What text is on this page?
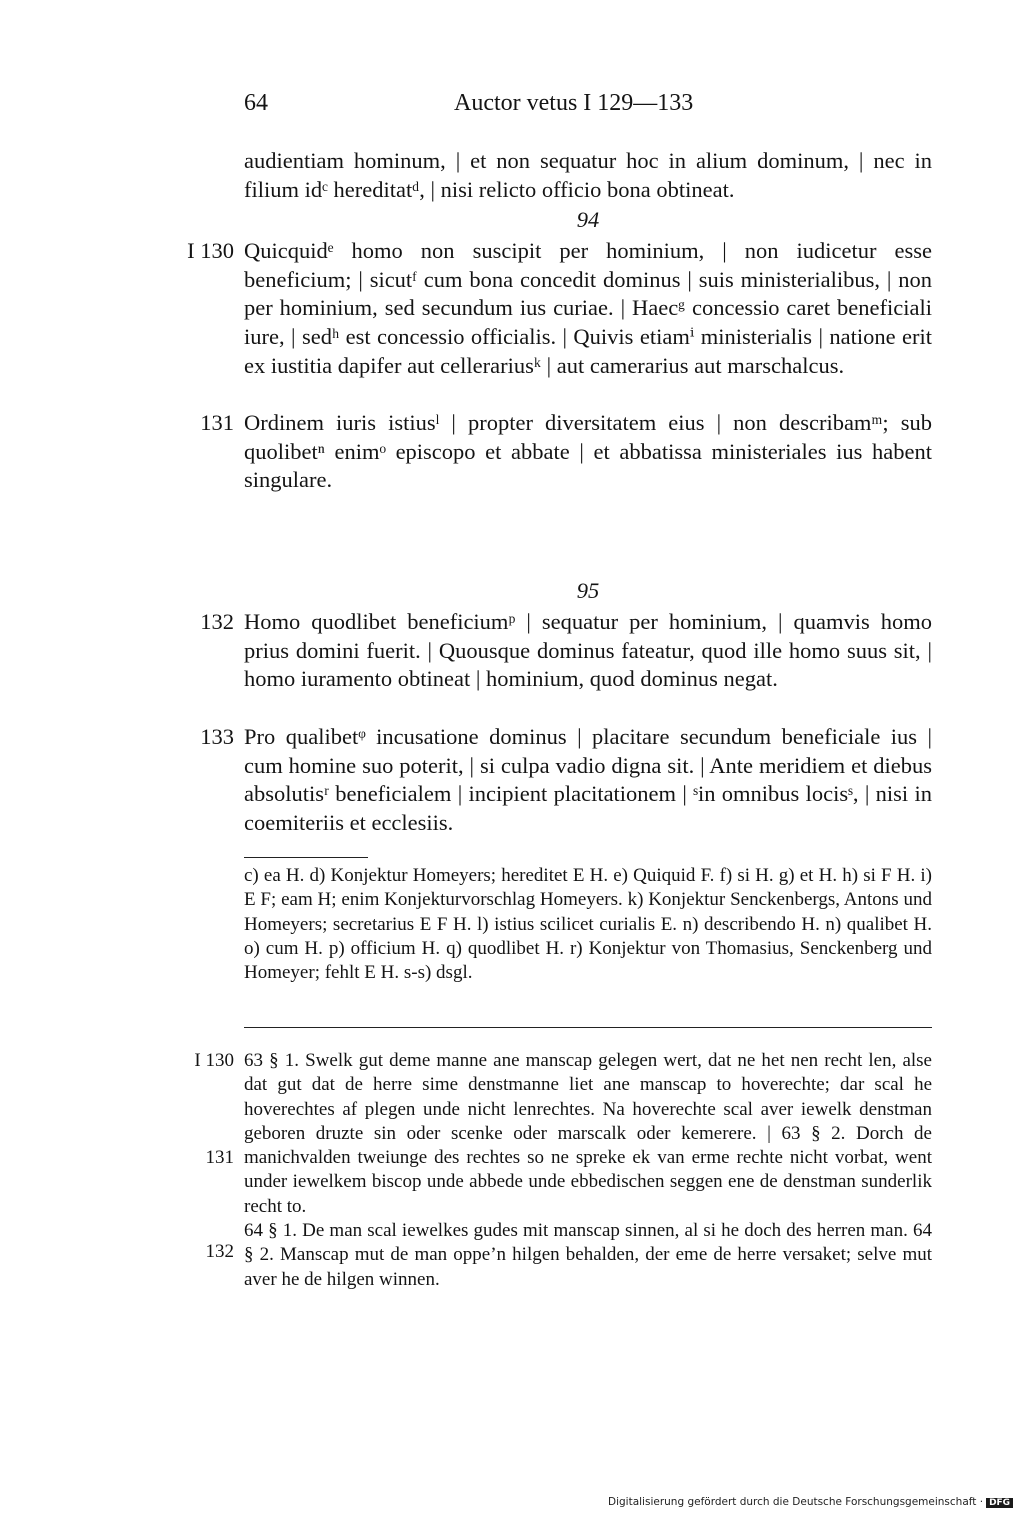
64	Auctor vetus I 129—133

audientiam hominum, | et non sequatur hoc in alium dominum, | nec in filium idᶜ hereditatᵈ, | nisi relicto officio bona obtineat.

94
I 130 Quicquidᵉ homo non suscipit per hominium, | non iudicetur esse beneficium; | sicutᶠ cum bona concedit dominus | suis ministerialibus, | non per hominium, sed secundum ius curiae. | Haecᵍ concessio caret beneficiali iure, | sedʰ est concessio officialis. | Quivis etiamⁱ ministerialis | natione erit ex iustitia dapifer aut cellerariusᵏ | aut camerarius aut marschalcus.

131 Ordinem iuris istiusˡ | propter diversitatem eius | non describamᵐ; sub quolibetⁿ enimᵒ episcopo et abbate | et abbatissa ministeriales ius habent singulare.

95
132 Homo quodlibet beneficiumᵖ | sequatur per hominium, | quamvis homo prius domini fuerit. | Quousque dominus fateatur, quod ille homo suus sit, | homo iuramento obtineat | hominium, quod dominus negat.

133 Pro qualibetᵠ incusatione dominus | placitare secundum beneficiale ius | cum homine suo poterit, | si culpa vadio digna sit. | Ante meridiem et diebus absolutisʳ beneficialem | incipient placitationem | ˢin omnibus locisˢ, | nisi in coemiteriis et ecclesiis.

c) ea H. d) Konjektur Homeyers; hereditet E H. e) Quiquid F. f) si H. g) et H. h) si F H. i) E F; eam H; enim Konjekturvorschlag Homeyers. k) Konjektur Senckenbergs, Antons und Homeyers; secretarius E F H. l) istius scilicet curialis E. n) describendo H. n) qualibet H. o) cum H. p) officium H. q) quodlibet H. r) Konjektur von Thomasius, Senckenberg und Homeyer; fehlt E H. s-s) dsgl.

I 130
131
132

63 § 1. Swelk gut deme manne ane manscap gelegen wert, dat ne het nen recht len, alse dat gut dat de herre sime denstmanne liet ane manscap to hoverechte; dar scal he hoverechtes af plegen unde nicht lenrechtes. Na hoverechte scal aver iewelk denstman geboren druzte sin oder scenke oder marscalk oder kemerere. | 63 § 2. Dorch de manichvalden tweiunge des rechtes so ne spreke ek van erme rechte nicht vorbat, went under iewelkem biscop unde abbede unde ebbedischen seggen ene de denstman sunderlik recht to.

64 § 1. De man scal iewelkes gudes mit manscap sinnen, al si he doch des herren man. 64 § 2. Manscap mut de man oppe’n hilgen behalden, der eme de herre versaket; selve mut aver he de hilgen winnen.

Digitalisierung gefördert durch die Deutsche Forschungsgemeinschaft · DFG
